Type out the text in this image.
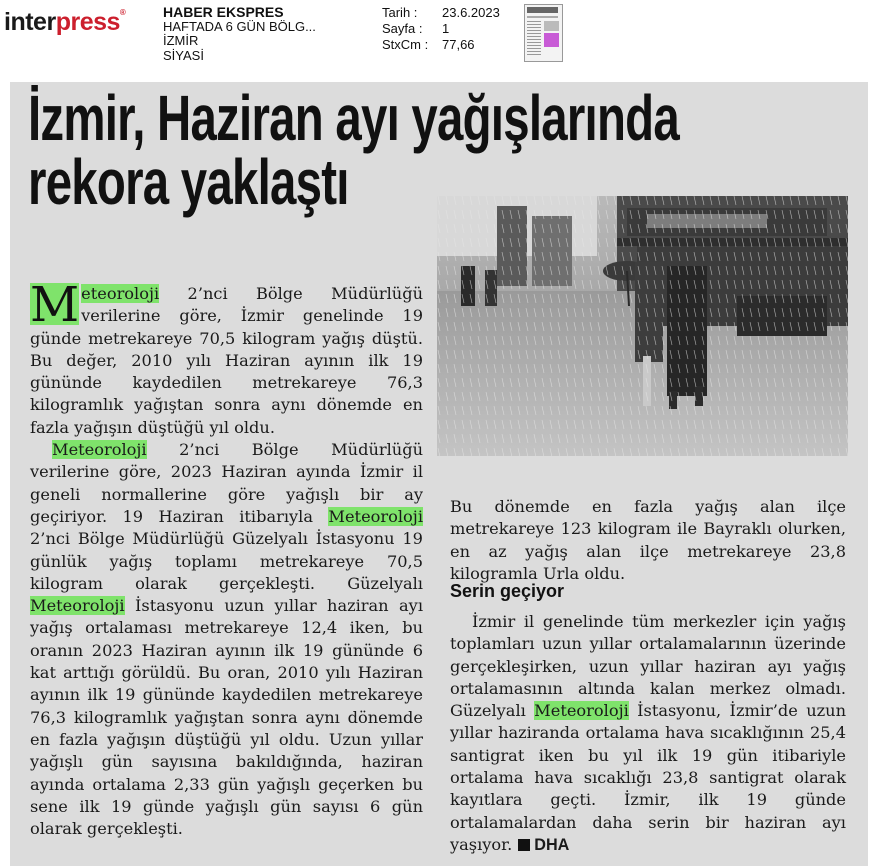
interpress®	HABER EKSPRES
HAFTADA 6 GÜN BÖLG...
İZMİR
SİYASİ
Tarih :	23.6.2023
Sayfa :	1
StxCm :	77,66
İzmir, Haziran ayı yağışlarında
rekora yaklaştı

M eteoroloji 2’nci Bölge Müdürlüğü verilerine göre, İzmir genelinde 19 günde metrekareye 70,5 kilogram yağış düştü. Bu değer, 2010 yılı Haziran ayının ilk 19 gününde kaydedilen metrekareye 76,3 kilogramlık yağıştan sonra aynı dönemde en fazla yağışın düştüğü yıl oldu.

Meteoroloji 2’nci Bölge Müdürlüğü verilerine göre, 2023 Haziran ayında İzmir il geneli normallerine göre yağışlı bir ay geçiriyor. 19 Haziran itibarıyla Meteoroloji 2’nci Bölge Müdürlüğü Güzelyalı İstasyonu 19 günlük yağış toplamı metrekareye 70,5 kilogram olarak gerçekleşti. Güzelyalı Meteoroloji İstasyonu uzun yıllar haziran ayı yağış ortalaması metrekareye 12,4 iken, bu oranın 2023 Haziran ayının ilk 19 gününde 6 kat arttığı görüldü. Bu oran, 2010 yılı Haziran ayının ilk 19 gününde kaydedilen metrekareye 76,3 kilogramlık yağıştan sonra aynı dönemde en fazla yağışın düştüğü yıl oldu. Uzun yıllar yağışlı gün sayısına bakıldığında, haziran ayında ortalama 2,33 gün yağışlı geçerken bu sene ilk 19 günde yağışlı gün sayısı 6 gün olarak gerçekleşti.

Bu dönemde en fazla yağış alan ilçe metrekareye 123 kilogram ile Bayraklı olurken, en az yağış alan ilçe metrekareye 23,8 kilogramla Urla oldu.

Serin geçiyor

İzmir il genelinde tüm merkezler için yağış toplamları uzun yıllar ortalamalarının üzerinde gerçekleşirken, uzun yıllar haziran ayı yağış ortalamasının altında kalan merkez olmadı. Güzelyalı Meteoroloji İstasyonu, İzmir’de uzun yıllar haziranda ortalama hava sıcaklığının 25,4 santigrat iken bu yıl ilk 19 gün itibariyle ortalama hava sıcaklığı 23,8 santigrat olarak kayıtlara geçti. İzmir, ilk 19 günde ortalamalardan daha serin bir haziran ayı yaşıyor. DHA
